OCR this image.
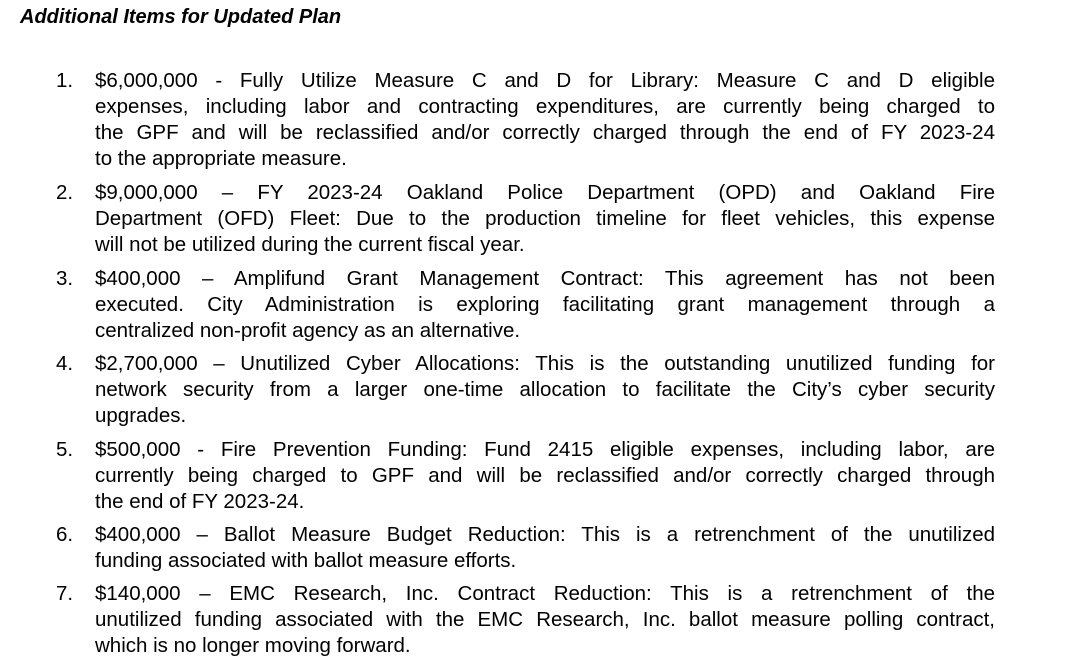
Additional Items for Updated Plan
1. $6,000,000 - Fully Utilize Measure C and D for Library: Measure C and D eligible
expenses, including labor and contracting expenditures, are currently being charged to
the GPF and will be reclassified and/or correctly charged through the end of FY 2023-24
to the appropriate measure.
2. $9,000,000 – FY 2023-24 Oakland Police Department (OPD) and Oakland Fire
Department (OFD) Fleet: Due to the production timeline for fleet vehicles, this expense
will not be utilized during the current fiscal year.
3. $400,000 – Amplifund Grant Management Contract: This agreement has not been
executed. City Administration is exploring facilitating grant management through a
centralized non-profit agency as an alternative.
4. $2,700,000 – Unutilized Cyber Allocations: This is the outstanding unutilized funding for
network security from a larger one-time allocation to facilitate the City’s cyber security
upgrades.
5. $500,000 - Fire Prevention Funding: Fund 2415 eligible expenses, including labor, are
currently being charged to GPF and will be reclassified and/or correctly charged through
the end of FY 2023-24.
6. $400,000 – Ballot Measure Budget Reduction: This is a retrenchment of the unutilized
funding associated with ballot measure efforts.
7. $140,000 – EMC Research, Inc. Contract Reduction: This is a retrenchment of the
unutilized funding associated with the EMC Research, Inc. ballot measure polling contract,
which is no longer moving forward.
